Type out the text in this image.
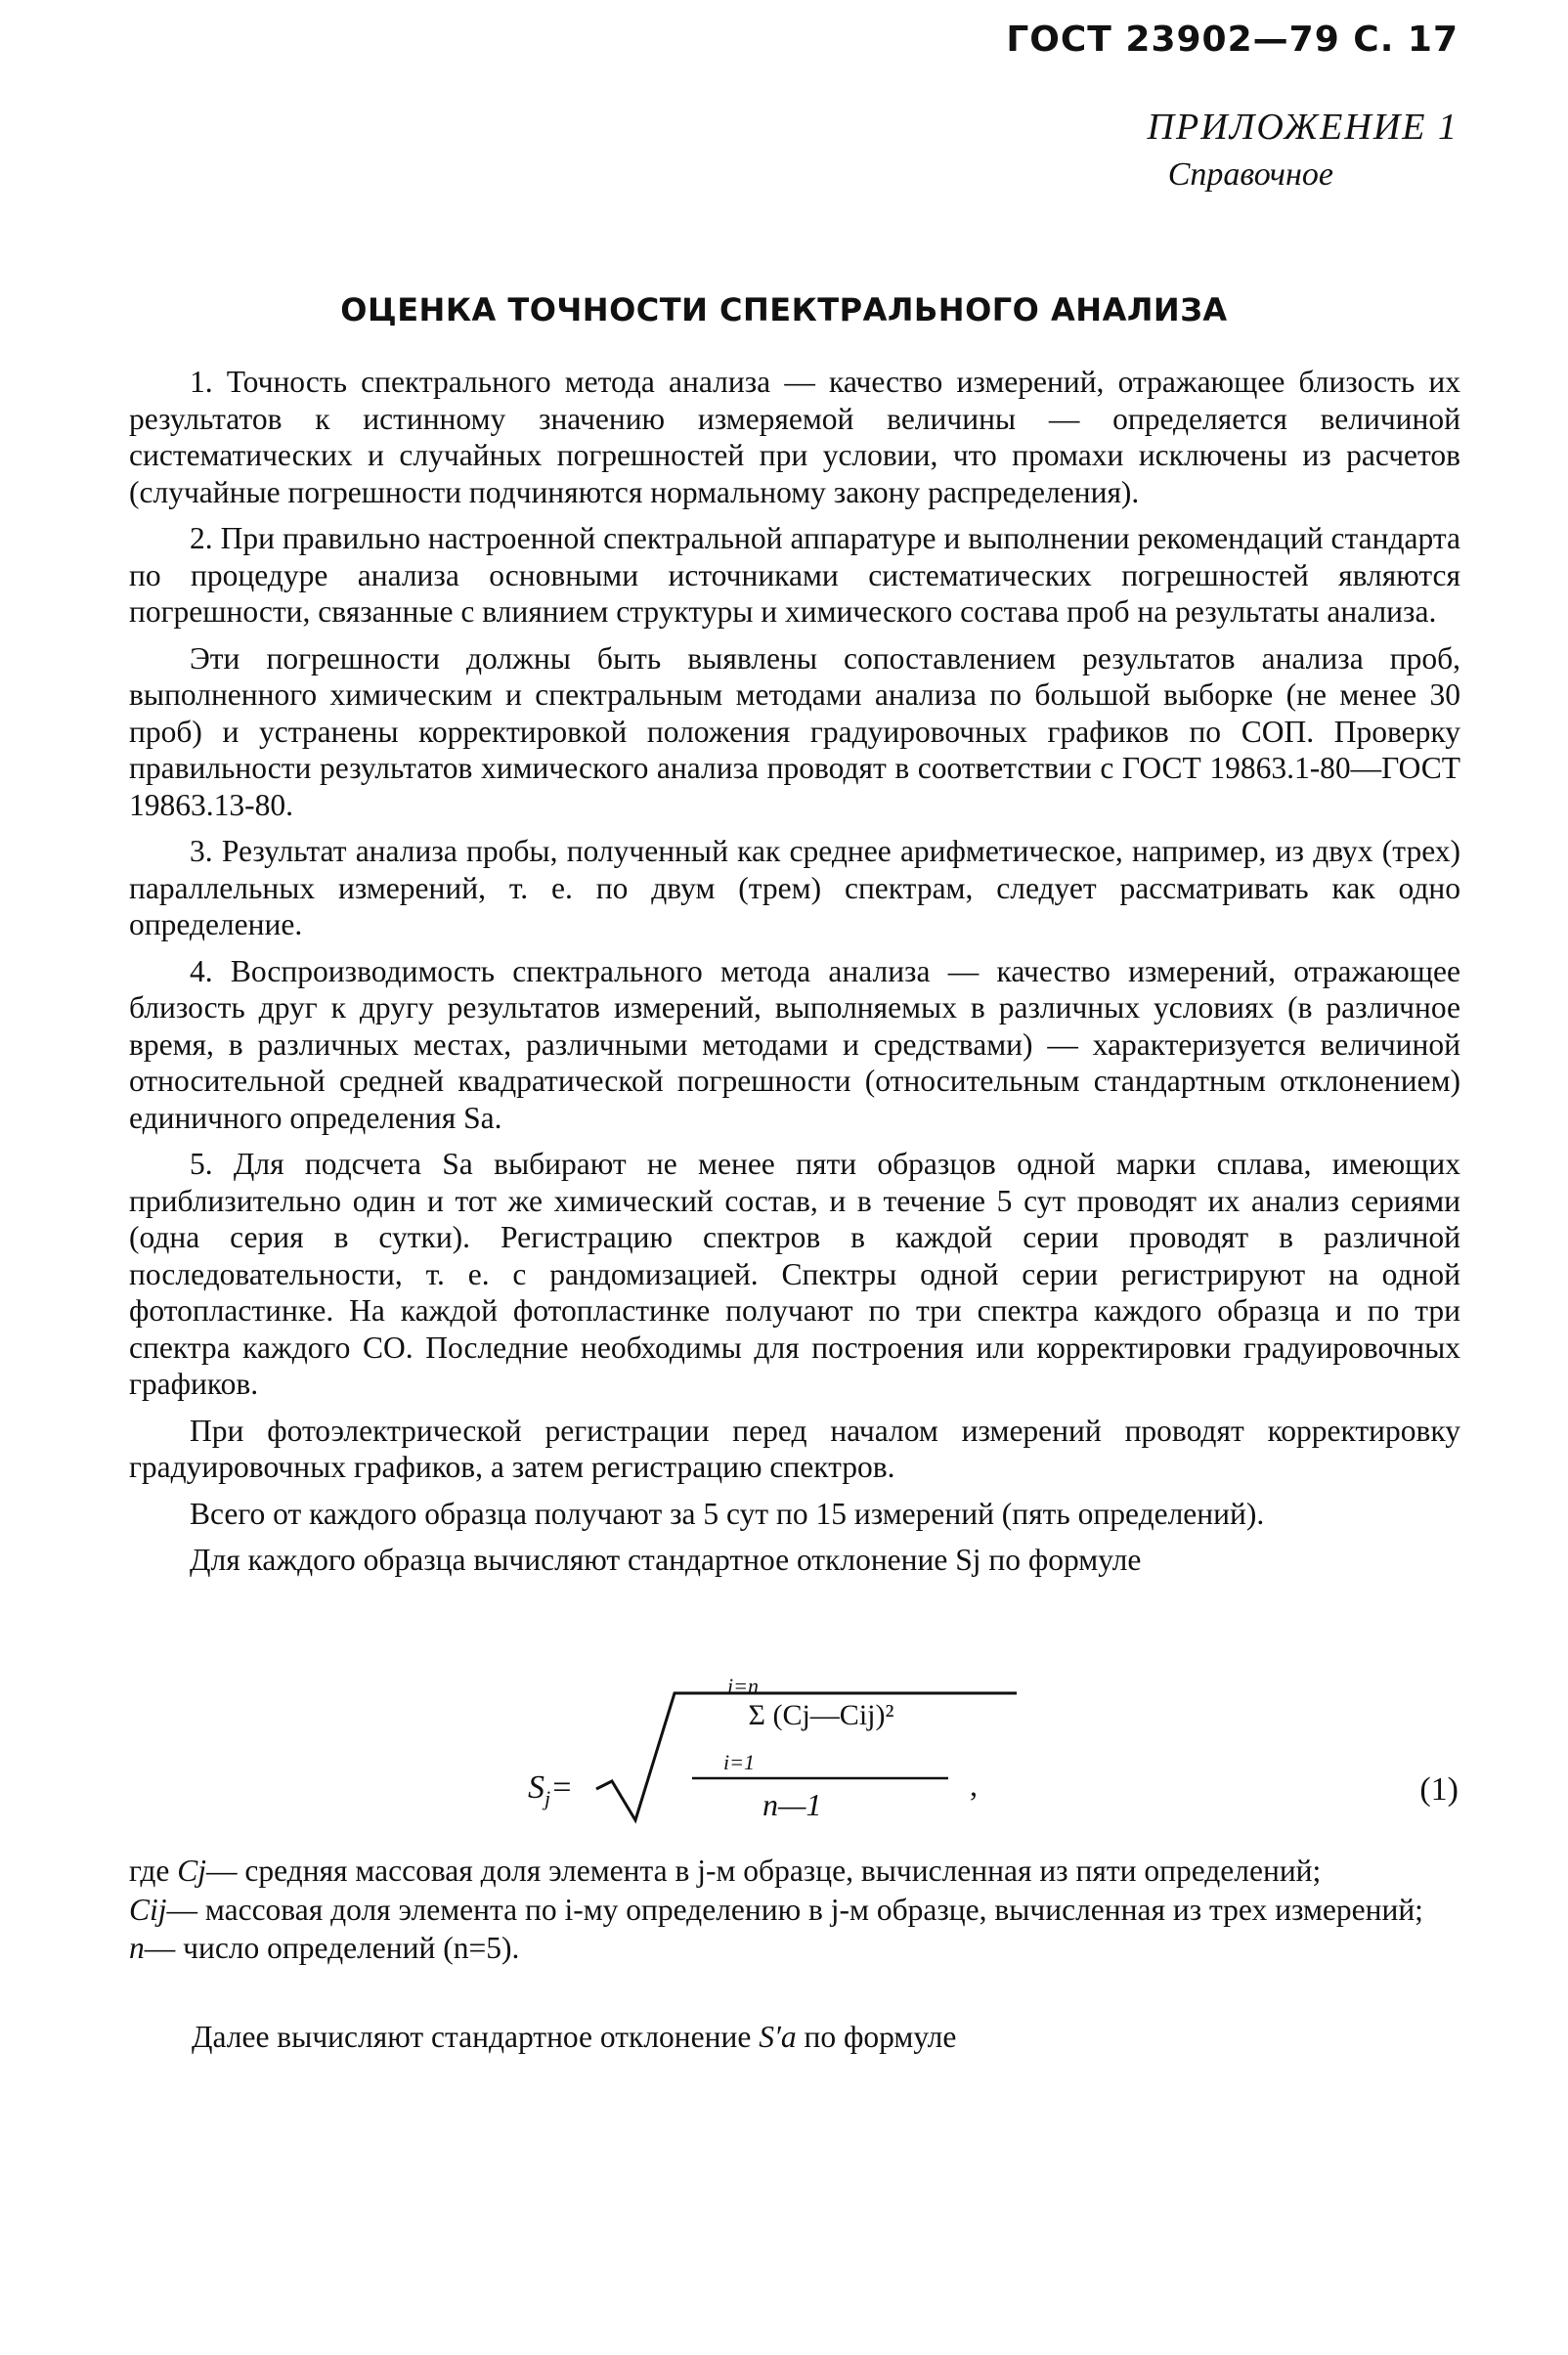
ГОСТ 23902—79 С. 17
ПРИЛОЖЕНИЕ 1
Справочное
ОЦЕНКА ТОЧНОСТИ СПЕКТРАЛЬНОГО АНАЛИЗА

1. Точность спектрального метода анализа — качество измерений, отражающее близость их результатов к истинному значению измеряемой величины — определяется величиной систематических и случайных погрешностей при условии, что промахи исключены из расчетов (случайные погрешности подчиняются нормальному закону распределения).

2. При правильно настроенной спектральной аппаратуре и выполнении рекомендаций стандарта по процедуре анализа основными источниками систематических погрешностей являются погрешности, связанные с влиянием структуры и химического состава проб на результаты анализа.

Эти погрешности должны быть выявлены сопоставлением результатов анализа проб, выполненного химическим и спектральным методами анализа по большой выборке (не менее 30 проб) и устранены корректировкой положения градуировочных графиков по СОП. Проверку правильности результатов химического анализа проводят в соответствии с ГОСТ 19863.1-80—ГОСТ 19863.13-80.

3. Результат анализа пробы, полученный как среднее арифметическое, например, из двух (трех) параллельных измерений, т. е. по двум (трем) спектрам, следует рассматривать как одно определение.

4. Воспроизводимость спектрального метода анализа — качество измерений, отражающее близость друг к другу результатов измерений, выполняемых в различных условиях (в различное время, в различных местах, различными методами и средствами) — характеризуется величиной относительной средней квадратической погрешности (относительным стандартным отклонением) единичного определения Sa.

5. Для подсчета Sa выбирают не менее пяти образцов одной марки сплава, имеющих приблизительно один и тот же химический состав, и в течение 5 сут проводят их анализ сериями (одна серия в сутки). Регистрацию спектров в каждой серии проводят в различной последовательности, т. е. с рандомизацией. Спектры одной серии регистрируют на одной фотопластинке. На каждой фотопластинке получают по три спектра каждого образца и по три спектра каждого СО. Последние необходимы для построения или корректировки градуировочных графиков.

При фотоэлектрической регистрации перед началом измерений проводят корректировку градуировочных графиков, а затем регистрацию спектров.

Всего от каждого образца получают за 5 сут по 15 измерений (пять определений).

Для каждого образца вычисляют стандартное отклонение Sj по формуле

$S_j=$
i=n
Σ (Cj—Cij)²
i=1
n—1
,	(1)
где Cj— средняя массовая доля элемента в j-м образце, вычисленная из пяти определений;
Cij— массовая доля элемента по i-му определению в j-м образце, вычисленная из трех измерений;
n— число определений (n=5).
Далее вычисляют стандартное отклонение S′a по формуле
